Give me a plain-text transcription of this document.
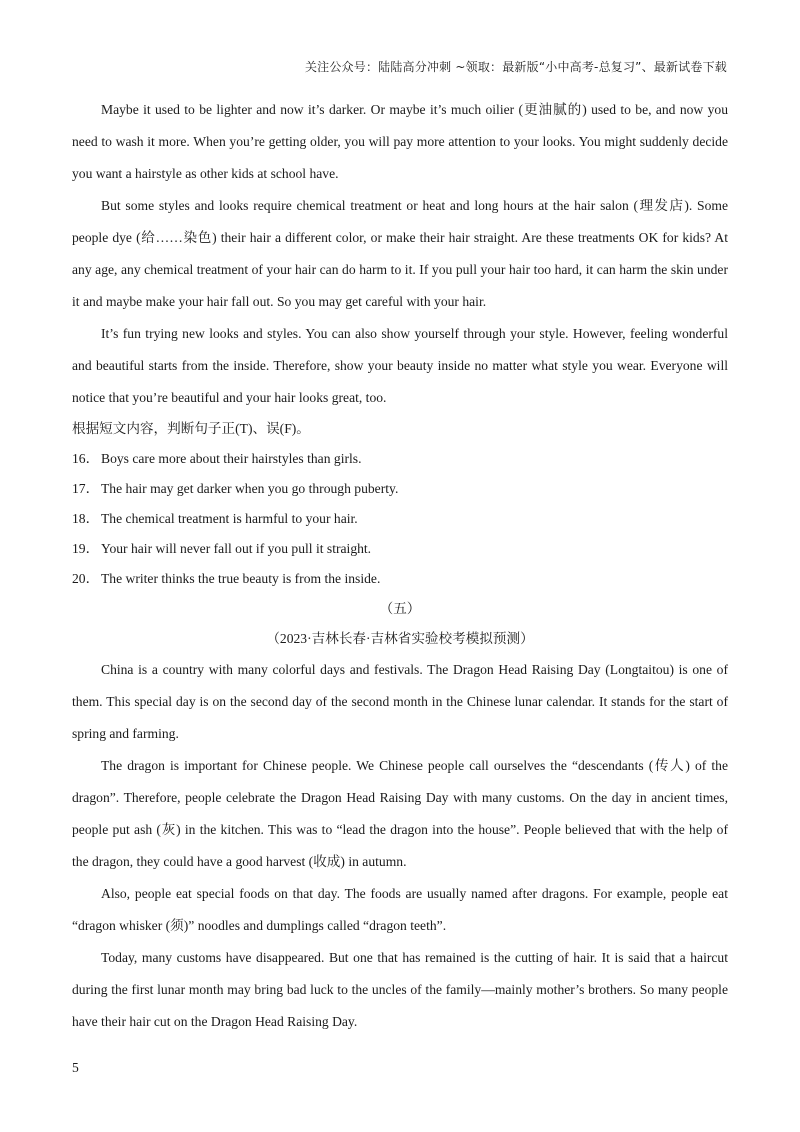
关注公众号：陆陆高分冲刺 ~领取：最新版“小中高考-总复习”、最新试卷下载

Maybe it used to be lighter and now it’s darker. Or maybe it’s much oilier (更油腻的) used to be, and now you need to wash it more. When you’re getting older, you will pay more attention to your looks. You might suddenly decide you want a hairstyle as other kids at school have.

But some styles and looks require chemical treatment or heat and long hours at the hair salon (理发店). Some people dye (给……染色) their hair a different color, or make their hair straight. Are these treatments OK for kids? At any age, any chemical treatment of your hair can do harm to it. If you pull your hair too hard, it can harm the skin under it and maybe make your hair fall out. So you may get careful with your hair.

It’s fun trying new looks and styles. You can also show yourself through your style. However, feeling wonderful and beautiful starts from the inside. Therefore, show your beauty inside no matter what style you wear. Everyone will notice that you’re beautiful and your hair looks great, too.

根据短文内容，判断句子正(T)、误(F)。

16． Boys care more about their hairstyles than girls.

17． The hair may get darker when you go through puberty.

18． The chemical treatment is harmful to your hair.

19． Your hair will never fall out if you pull it straight.

20． The writer thinks the true beauty is from the inside.

（五）

（2023·吉林长春·吉林省实验校考模拟预测）

China is a country with many colorful days and festivals. The Dragon Head Raising Day (Longtaitou) is one of them. This special day is on the second day of the second month in the Chinese lunar calendar. It stands for the start of spring and farming.

The dragon is important for Chinese people. We Chinese people call ourselves the “descendants (传人) of the dragon”. Therefore, people celebrate the Dragon Head Raising Day with many customs. On the day in ancient times, people put ash (灰) in the kitchen. This was to “lead the dragon into the house”. People believed that with the help of the dragon, they could have a good harvest (收成) in autumn.

Also, people eat special foods on that day. The foods are usually named after dragons. For example, people eat “dragon whisker (须)” noodles and dumplings called “dragon teeth”.

Today, many customs have disappeared. But one that has remained is the cutting of hair. It is said that a haircut during the first lunar month may bring bad luck to the uncles of the family—mainly mother’s brothers. So many people have their hair cut on the Dragon Head Raising Day.

5
